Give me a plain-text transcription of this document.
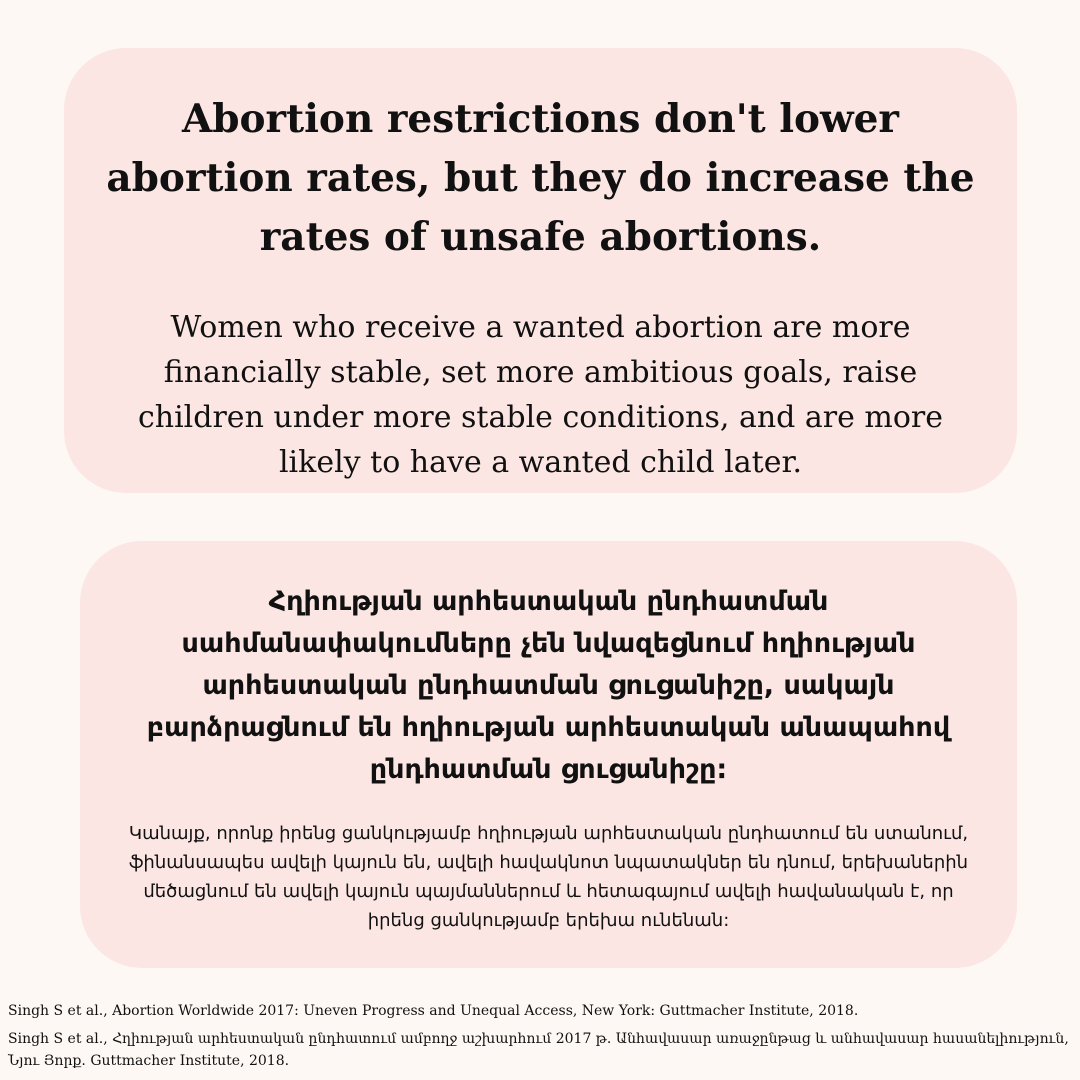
Abortion restrictions don't lower abortion rates, but they do increase the rates of unsafe abortions.

Women who receive a wanted abortion are more financially stable, set more ambitious goals, raise children under more stable conditions, and are more likely to have a wanted child later.

Հղիության արհեստական ընդհատման սահմանափակումները չեն նվազեցնում հղիության արհեստական ընդհատման ցուցանիշը, սակայն բարձրացնում են հղիության արհեստական անապահով ընդհատման ցուցանիշը:

Կանայք, որոնք իրենց ցանկությամբ հղիության արհեստական ընդհատում են ստանում, ֆինանսապես ավելի կայուն են, ավելի հավակնոտ նպատակներ են դնում, երեխաներին մեծացնում են ավելի կայուն պայմաններում և հետագայում ավելի հավանական է, որ իրենց ցանկությամբ երեխա ունենան:

Singh S et al., Abortion Worldwide 2017: Uneven Progress and Unequal Access, New York: Guttmacher Institute, 2018.

Singh S et al., Հղիության արհեստական ընդհատում ամբողջ աշխարհում 2017 թ. Անհավասար առաջընթաց և անհավասար հասանելիություն, Նյու Յորք. Guttmacher Institute, 2018.
